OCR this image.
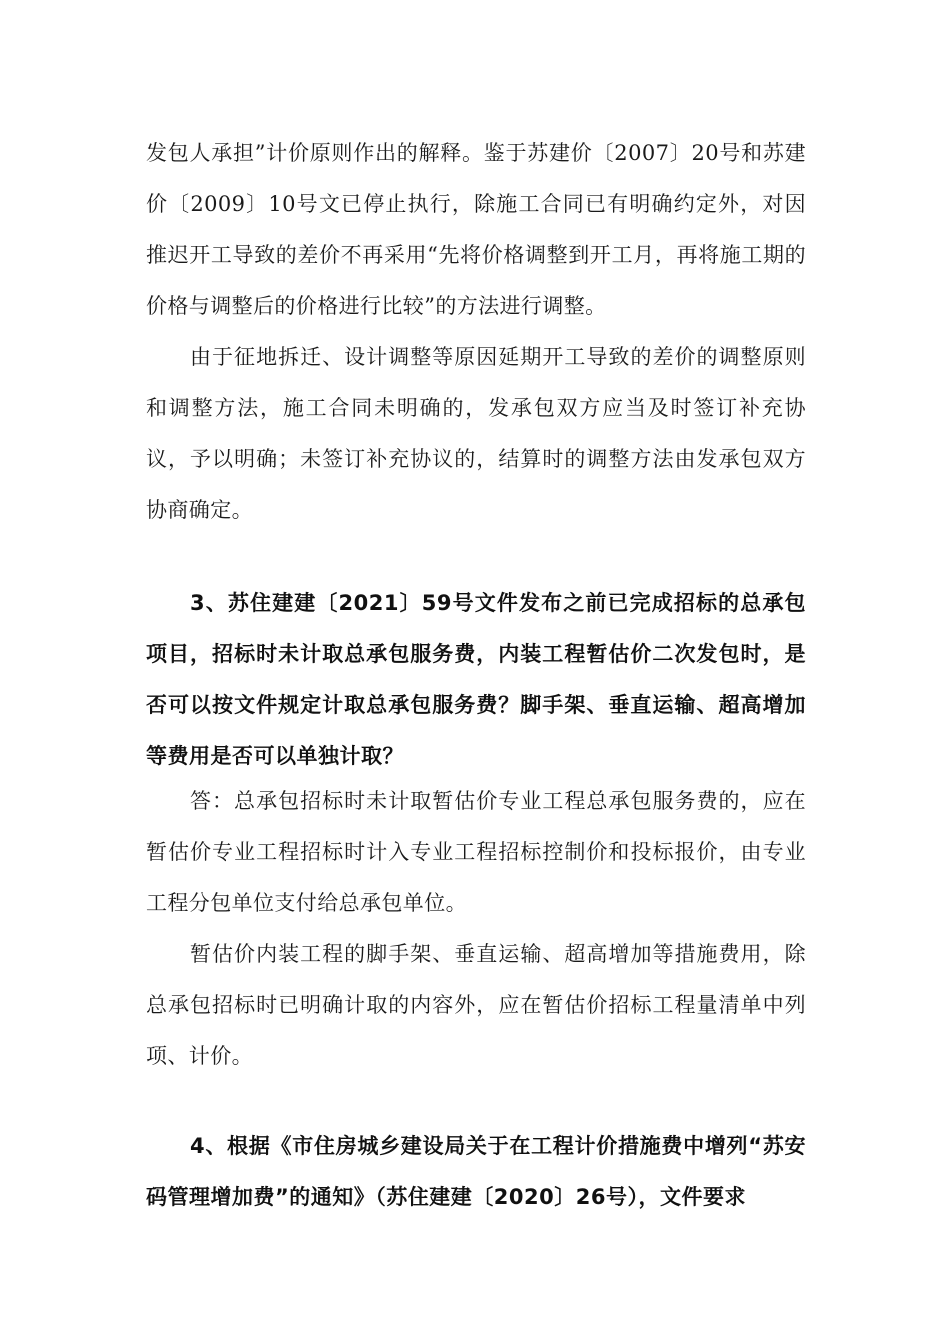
发包人承担”计价原则作出的解释。鉴于苏建价〔2007〕20号和苏建价〔2009〕10号文已停止执行，除施工合同已有明确约定外，对因推迟开工导致的差价不再采用“先将价格调整到开工月，再将施工期的价格与调整后的价格进行比较”的方法进行调整。

由于征地拆迁、设计调整等原因延期开工导致的差价的调整原则和调整方法，施工合同未明确的，发承包双方应当及时签订补充协议，予以明确；未签订补充协议的，结算时的调整方法由发承包双方协商确定。

3、苏住建建〔2021〕59号文件发布之前已完成招标的总承包项目，招标时未计取总承包服务费，内装工程暂估价二次发包时，是否可以按文件规定计取总承包服务费？脚手架、垂直运输、超高增加等费用是否可以单独计取？

答：总承包招标时未计取暂估价专业工程总承包服务费的，应在暂估价专业工程招标时计入专业工程招标控制价和投标报价，由专业工程分包单位支付给总承包单位。

暂估价内装工程的脚手架、垂直运输、超高增加等措施费用，除总承包招标时已明确计取的内容外，应在暂估价招标工程量清单中列项、计价。

4、根据《市住房城乡建设局关于在工程计价措施费中增列“苏安码管理增加费”的通知》（苏住建建〔2020〕26号），文件要求
